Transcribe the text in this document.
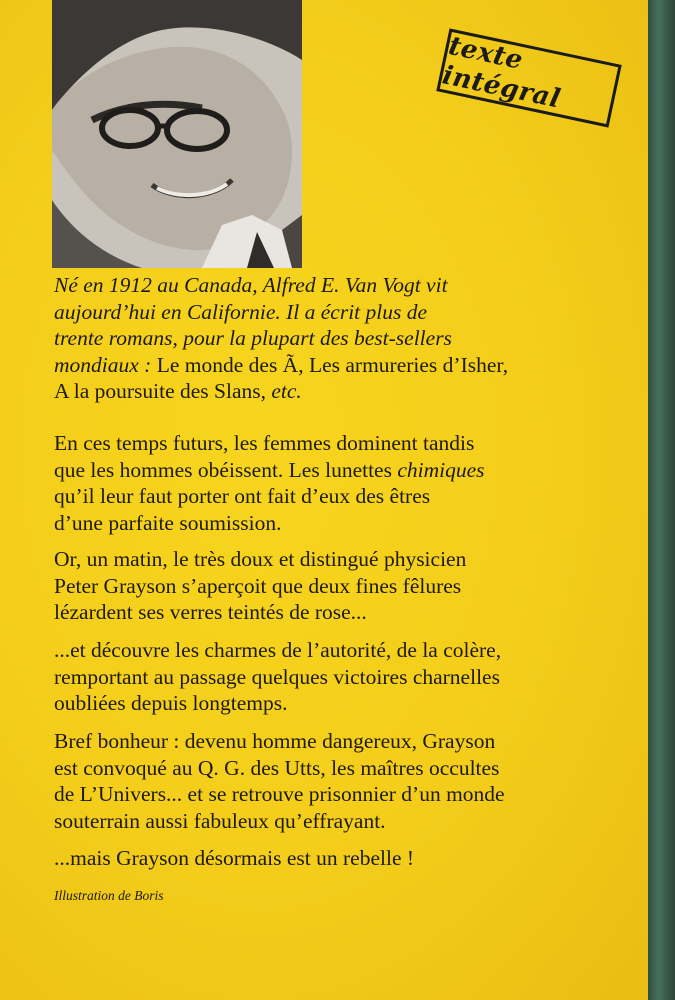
texte intégral
Né en 1912 au Canada, Alfred E. Van Vogt vit
aujourd’hui en Californie. Il a écrit plus de
trente romans, pour la plupart des best-sellers
mondiaux : Le monde des Ã, Les armureries d’Isher,
A la poursuite des Slans, etc.
En ces temps futurs, les femmes dominent tandis
que les hommes obéissent. Les lunettes chimiques
qu’il leur faut porter ont fait d’eux des êtres
d’une parfaite soumission.
Or, un matin, le très doux et distingué physicien
Peter Grayson s’aperçoit que deux fines fêlures
lézardent ses verres teintés de rose...
...et découvre les charmes de l’autorité, de la colère,
remportant au passage quelques victoires charnelles
oubliées depuis longtemps.
Bref bonheur : devenu homme dangereux, Grayson
est convoqué au Q. G. des Utts, les maîtres occultes
de L’Univers... et se retrouve prisonnier d’un monde
souterrain aussi fabuleux qu’effrayant.
...mais Grayson désormais est un rebelle !
Illustration de Boris
